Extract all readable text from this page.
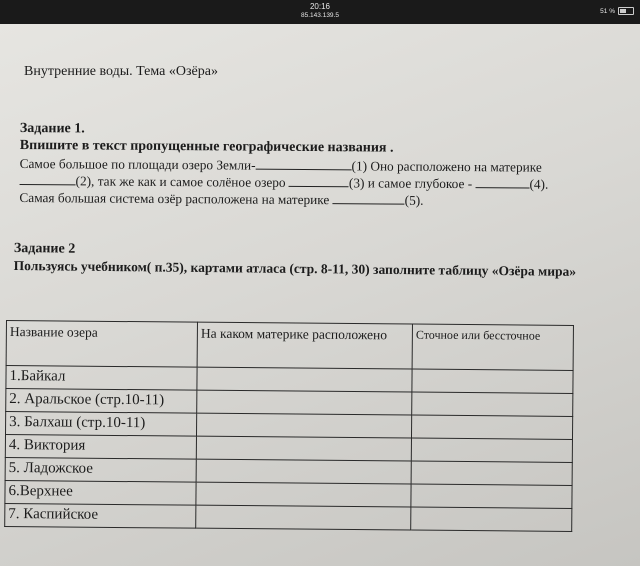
20:16
85.143.139.5
51 %
Внутренние воды. Тема «Озёра»

Задание 1.

Впишите в текст пропущенные географические названия .

Самое большое по площади озеро Земли-	(1) Оно расположено на материке

(2), так же как и самое солёное озеро	(3) и самое глубокое -	(4).

Самая большая система озёр расположена на материке	(5).

Задание 2

Пользуясь учебником( п.35), картами атласа (стр. 8-11, 30) заполните таблицу «Озёра мира»

Название озера	На каком материке расположено	Сточное или бессточное
1.Байкал		
2. Аральское (стр.10-11)		
3. Балхаш (стр.10-11)		
4. Виктория		
5. Ладожское		
6.Верхнее		
7. Каспийское		
